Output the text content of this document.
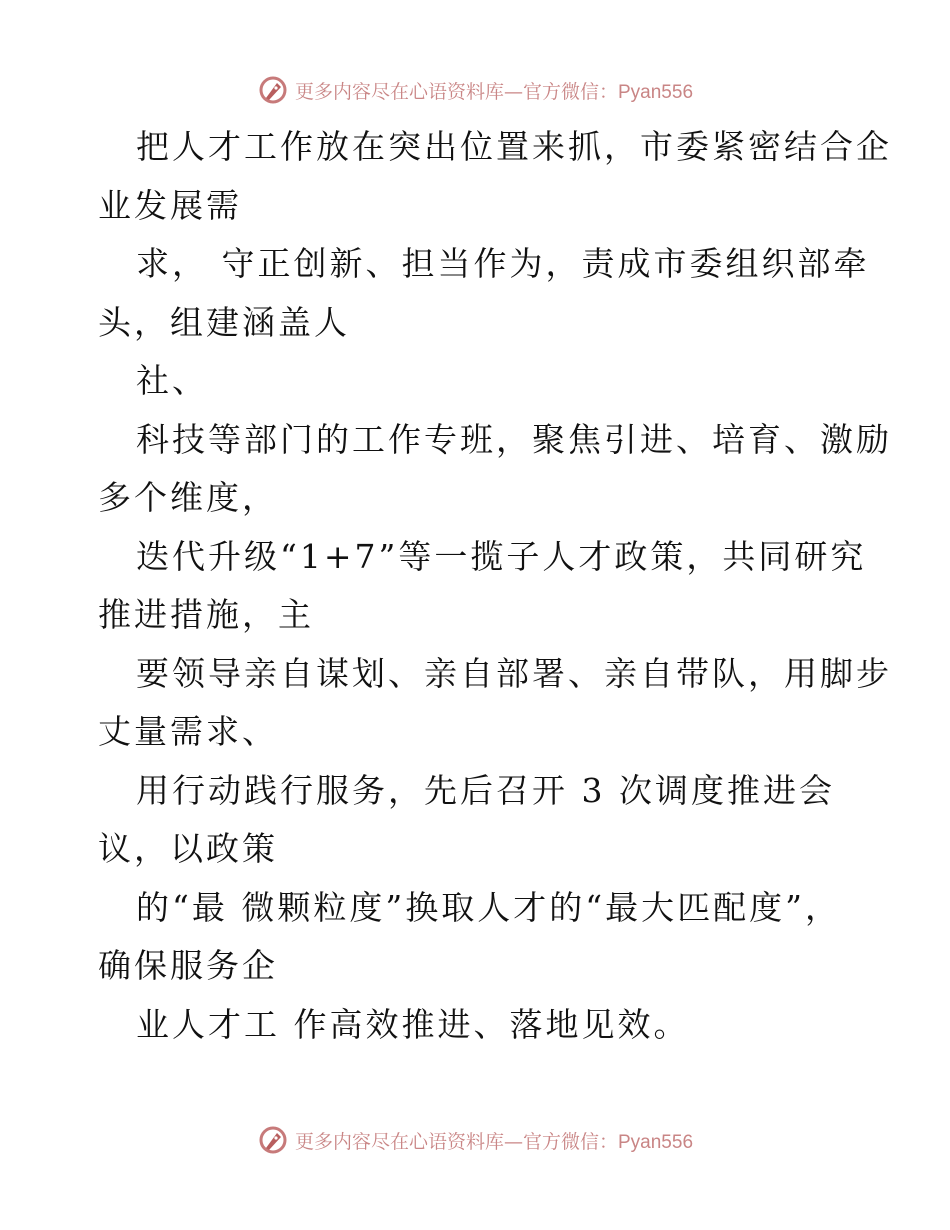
更多内容尽在心语资料库—官方微信：Pyan556
把人才工作放在突出位置来抓，市委紧密结合企
业发展需
求， 守正创新、担当作为，责成市委组织部牵
头，组建涵盖人
社、
科技等部门的工作专班，聚焦引进、培育、激励
多个维度，
迭代升级“1+7”等一揽子人才政策，共同研究
推进措施，主
要领导亲自谋划、亲自部署、亲自带队，用脚步
丈量需求、
用行动践行服务，先后召开 3 次调度推进会
议，以政策
的“最 微颗粒度”换取人才的“最大匹配度”，
确保服务企
业人才工 作高效推进、落地见效。
更多内容尽在心语资料库—官方微信：Pyan556
